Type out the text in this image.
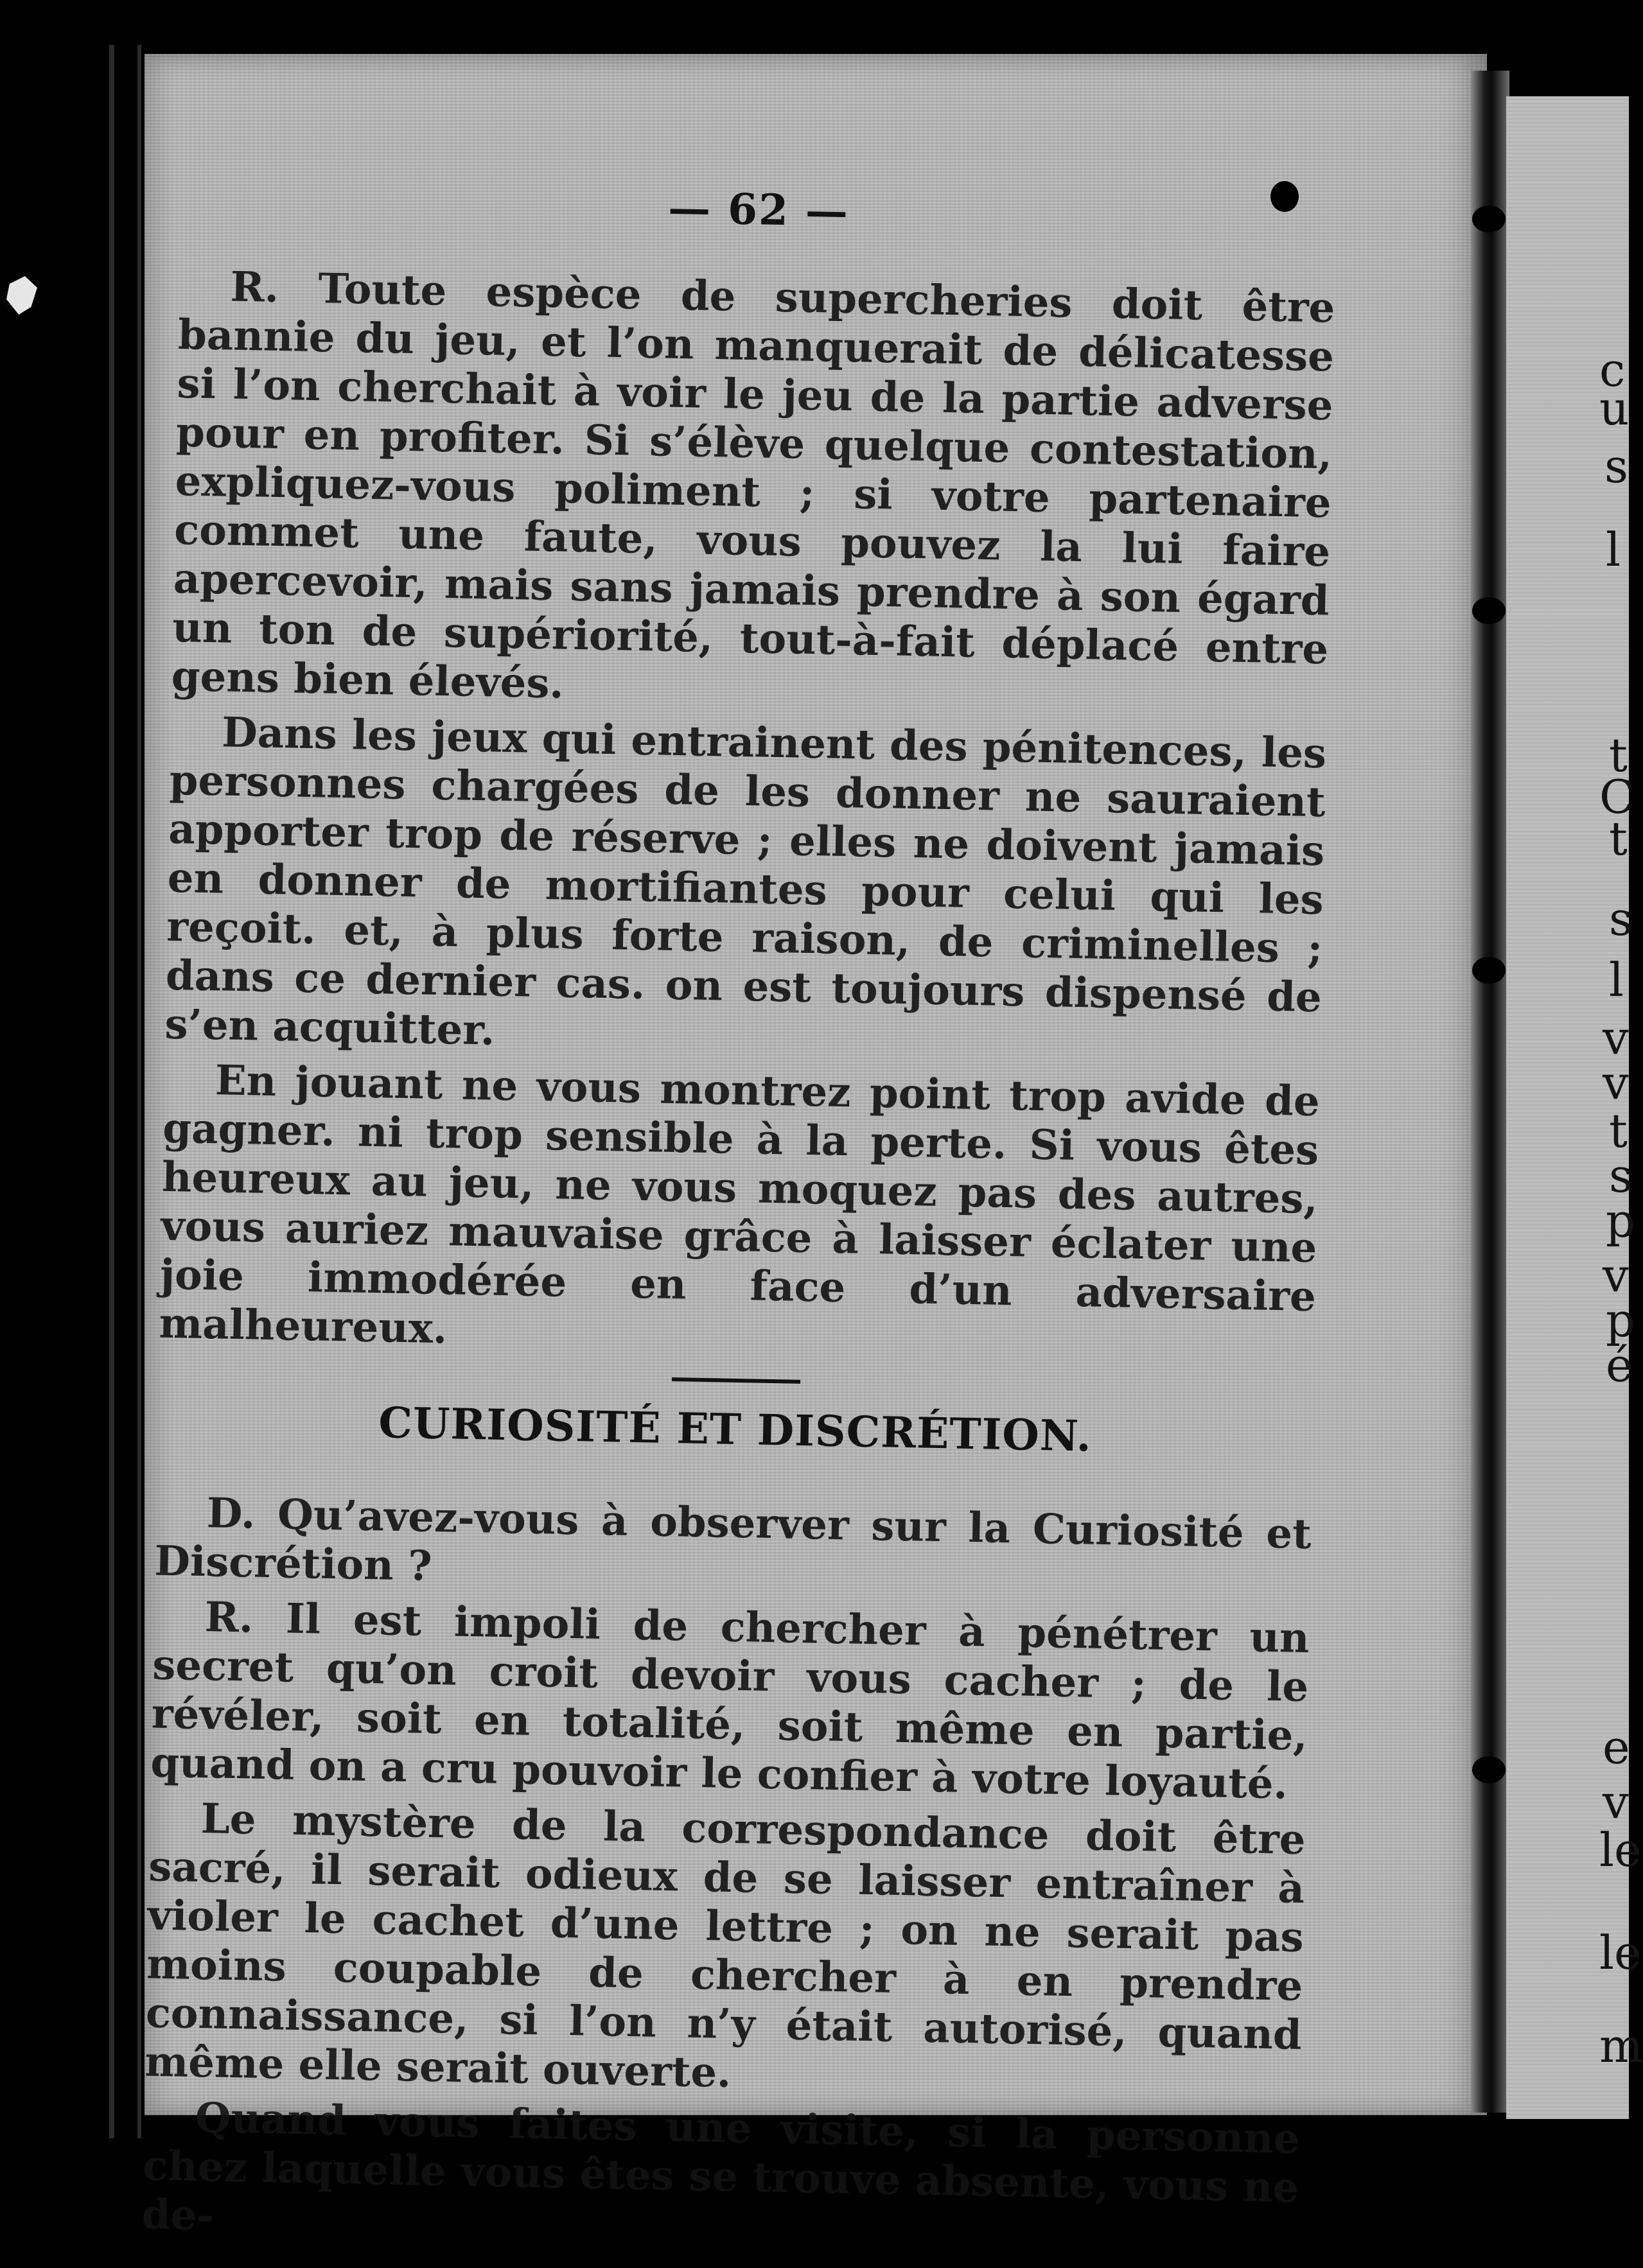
— 62 —

R. Toute espèce de supercheries doit être bannie du jeu, et l’on manquerait de délicatesse si l’on cherchait à voir le jeu de la partie adverse pour en profiter. Si s’élève quelque contestation, expliquez-vous poliment ; si votre partenaire commet une faute, vous pouvez la lui faire apercevoir, mais sans jamais prendre à son égard un ton de supériorité, tout-à-fait déplacé entre gens bien élevés.

Dans les jeux qui entrainent des pénitences, les personnes chargées de les donner ne sauraient apporter trop de réserve ; elles ne doivent jamais en donner de mortifiantes pour celui qui les reçoit. et, à plus forte raison, de criminelles ; dans ce dernier cas. on est toujours dispensé de s’en acquitter.

En jouant ne vous montrez point trop avide de gagner. ni trop sensible à la perte. Si vous êtes heureux au jeu, ne vous moquez pas des autres, vous auriez mauvaise grâce à laisser éclater une joie immodérée en face d’un adversaire malheureux.

CURIOSITÉ ET DISCRÉTION.

D. Qu’avez-vous à observer sur la Curiosité et Discrétion ?

R. Il est impoli de chercher à pénétrer un secret qu’on croit devoir vous cacher ; de le révéler, soit en totalité, soit même en partie, quand on a cru pouvoir le confier à votre loyauté.

Le mystère de la correspondance doit être sacré, il serait odieux de se laisser entraîner à violer le cachet d’une lettre ; on ne serait pas moins coupable de chercher à en prendre connaissance, si l’on n’y était autorisé, quand même elle serait ouverte.

Quand vous faites une visite, si la personne chez laquelle vous êtes se trouve absente, vous ne de-

c
u
s
l
t
C
t
s
l
v
v
t
s
p
v
p
é
e
v
le
le
m
